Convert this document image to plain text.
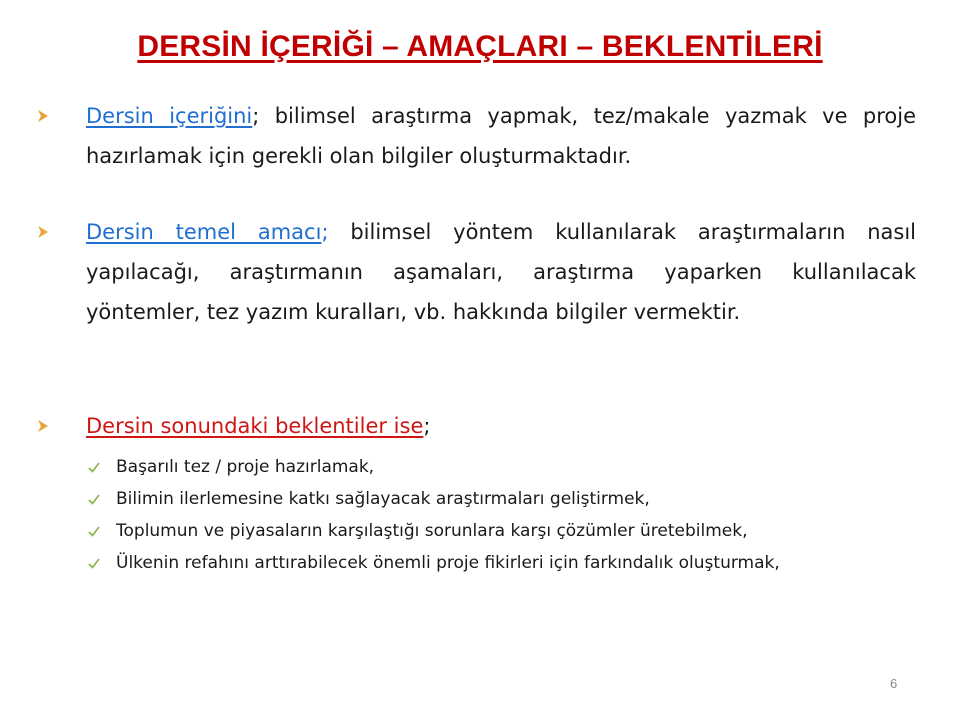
DERSİN İÇERİĞİ – AMAÇLARI – BEKLENTİLERİ

Dersin içeriğini; bilimsel araştırma yapmak, tez/makale yazmak ve proje hazırlamak için gerekli olan bilgiler oluşturmaktadır.

Dersin temel amacı; bilimsel yöntem kullanılarak araştırmaların nasıl yapılacağı, araştırmanın aşamaları, araştırma yaparken kullanılacak yöntemler, tez yazım kuralları, vb. hakkında bilgiler vermektir.

Dersin sonundaki beklentiler ise;

Başarılı tez / proje hazırlamak,

Bilimin ilerlemesine katkı sağlayacak araştırmaları geliştirmek,

Toplumun ve piyasaların karşılaştığı sorunlara karşı çözümler üretebilmek,

Ülkenin refahını arttırabilecek önemli proje fikirleri için farkındalık oluşturmak,

6
